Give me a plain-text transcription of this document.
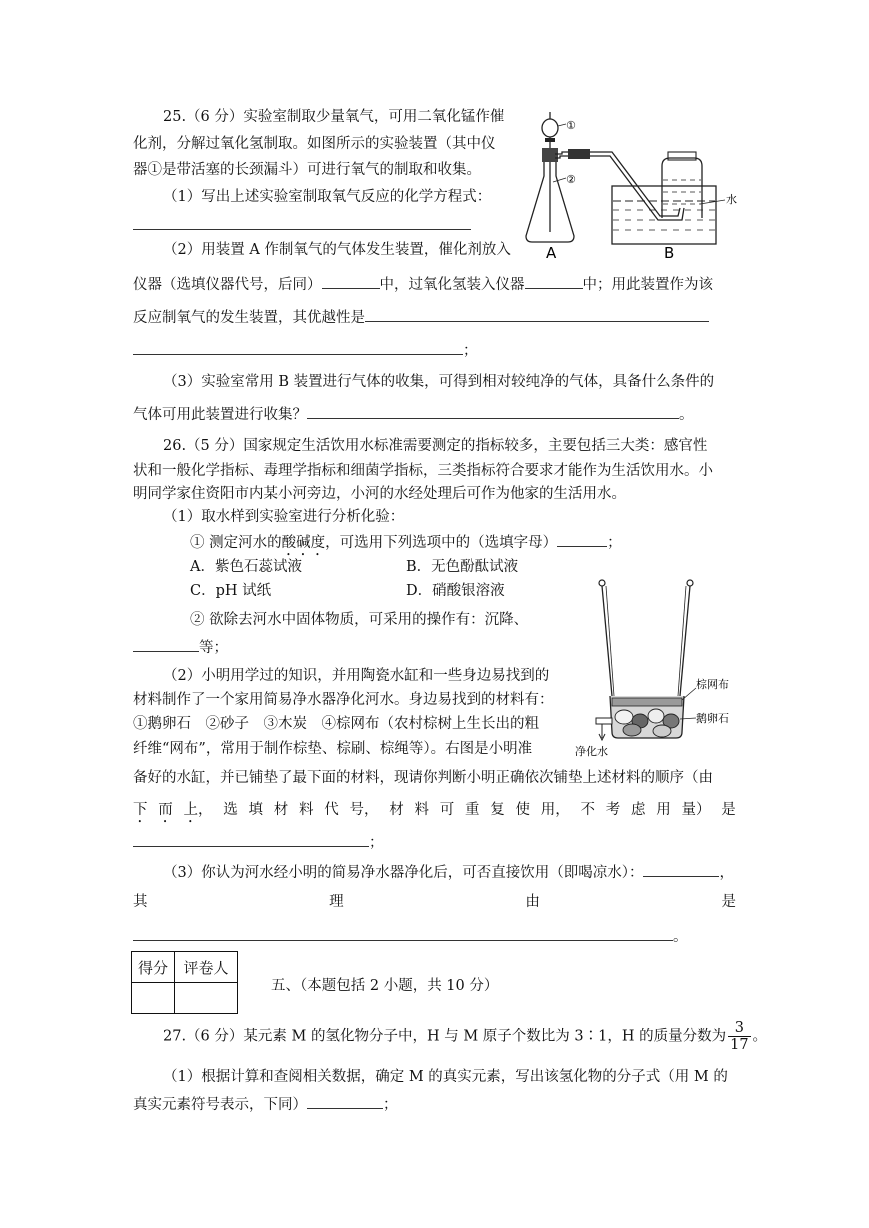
25.（6 分）实验室制取少量氧气，可用二氧化锰作催
化剂，分解过氧化氢制取。如图所示的实验装置（其中仪
器①是带活塞的长颈漏斗）可进行氧气的制取和收集。
（1）写出上述实验室制取氧气反应的化学方程式：
①
②
水
A	B
（2）用装置 A 作制氧气的气体发生装置，催化剂放入
仪器（选填仪器代号，后同）	中，过氧化氢装入仪器	中；用此装置作为该
反应制氧气的发生装置，其优越性是
；
（3）实验室常用 B 装置进行气体的收集，可得到相对较纯净的气体，具备什么条件的
气体可用此装置进行收集？	。
26.（5 分）国家规定生活饮用水标准需要测定的指标较多，主要包括三大类：感官性
状和一般化学指标、毒理学指标和细菌学指标，三类指标符合要求才能作为生活饮用水。小
明同学家住资阳市内某小河旁边，小河的水经处理后可作为他家的生活用水。
（1）取水样到实验室进行分析化验：
① 测定河水的酸碱度，可选用下列选项中的（选填字母）	；
A．紫色石蕊试液	B．无色酚酞试液
C．pH 试纸	D．硝酸银溶液
② 欲除去河水中固体物质，可采用的操作有：沉降、
等；
棕网布
鹅卵石
净化水
（2）小明用学过的知识，并用陶瓷水缸和一些身边易找到的
材料制作了一个家用简易净水器净化河水。身边易找到的材料有：
①鹅卵石　②砂子　③木炭　④棕网布（农村棕树上生长出的粗
纤维“网布”，常用于制作棕垫、棕刷、棕绳等）。右图是小明准
备好的水缸，并已铺垫了最下面的材料，现请你判断小明正确依次铺垫上述材料的顺序（由
下 而 上， 选 填 材 料 代 号， 材 料 可 重 复 使 用， 不 考 虑 用 量） 是
；
（3）你认为河水经小明的简易净水器净化后，可否直接饮用（即喝凉水）：	，
其	理	由	是
。
得分	评卷人

五、（本题包括 2 小题，共 10 分）
27.（6 分）某元素 M 的氢化物分子中，H 与 M 原子个数比为 3∶1，H 的质量分数为 $\frac{3}{17}$ 。
（1）根据计算和查阅相关数据，确定 M 的真实元素，写出该氢化物的分子式（用 M 的
真实元素符号表示，下同）	；
